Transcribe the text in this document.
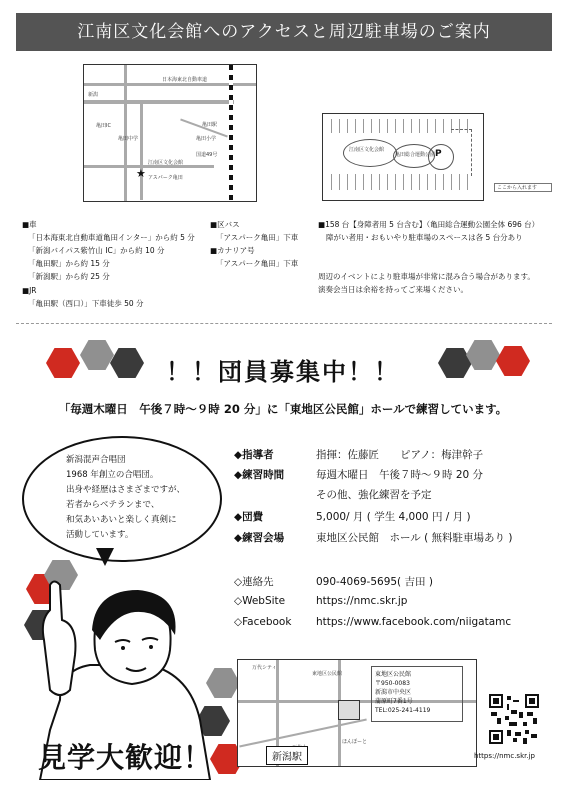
江南区文化会館へのアクセスと周辺駐車場のご案内
日本海東北自動車道
亀田IC	亀田駅
江南区文化会館
アスパーク亀田
亀田中学	亀田小学
新潟
国道49号
★
江南区文化会館
亀田総合運動公園 P
ここから入れます
■車
「日本海東北自動車道亀田インター」から約 5 分
「新潟バイパス紫竹山 IC」から約 10 分
「亀田駅」から約 15 分
「新潟駅」から約 25 分
■JR
「亀田駅（西口）」下車徒歩 50 分
■区バス
「アスパーク亀田」下車
■カナリア号
「アスパーク亀田」下車
■158 台【身障者用 5 台含む】（亀田総合運動公園全体 696 台）
障がい者用・おもいやり駐車場のスペースは各 5 台分あり
周辺のイベントにより駐車場が非常に混み合う場合があります。
演奏会当日は余裕を持ってご来場ください。
！！団員募集中！！
「毎週木曜日　午後７時～９時 20 分」に「東地区公民館」ホールで練習しています。
新潟混声合唱団
1968 年創立の合唱団。
出身や経歴はさまざまですが、
若者からベテランまで、
和気あいあいと楽しく真剣に
活動しています。
◆指導者	指揮：佐藤匠　　ピアノ：梅津幹子
◆練習時間	毎週木曜日　午後７時～９時 20 分
その他、強化練習を予定
◆団費	5,000/ 月 ( 学生 4,000 円 / 月 )
◆練習会場	東地区公民館　ホール ( 無料駐車場あり )
◇連絡先	090-4069-5695( 吉田 )
◇WebSite	https://nmc.skr.jp
◇Facebook https://www.facebook.com/niigatamc
見学大歓迎！
万代シティ
東地区公民館
ほんぽーと
東地区公民館
〒950-0083
新潟市中央区
蒲原町7番1号
TEL:025-241-4119
新潟駅	https://nmc.skr.jp
